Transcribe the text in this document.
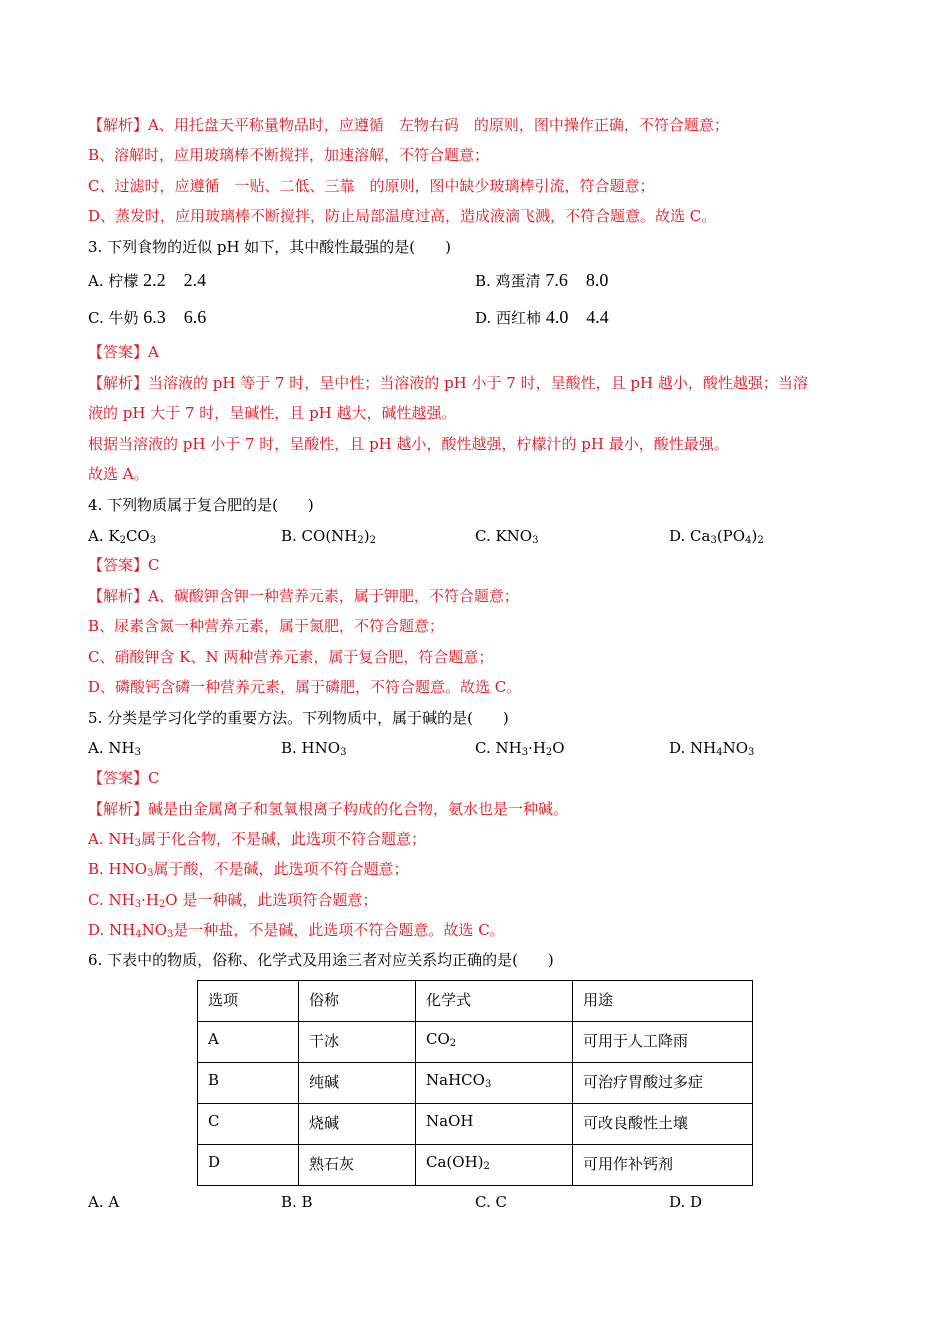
【解析】A、用托盘天平称量物品时，应遵循　左物右码　的原则，图中操作正确，不符合题意；
B、溶解时，应用玻璃棒不断搅拌，加速溶解，不符合题意；
C、过滤时，应遵循　一贴、二低、三靠　的原则，图中缺少玻璃棒引流，符合题意；
D、蒸发时，应用玻璃棒不断搅拌，防止局部温度过高，造成液滴飞溅，不符合题意。故选 C。
3. 下列食物的近似 pH 如下，其中酸性最强的是(　　)
A. 柠檬 2.2　2.4	B. 鸡蛋清 7.6　8.0
C. 牛奶 6.3　6.6	D. 西红柿 4.0　4.4
【答案】A
【解析】当溶液的 pH 等于 7 时，呈中性；当溶液的 pH 小于 7 时，呈酸性，且 pH 越小，酸性越强；当溶
液的 pH 大于 7 时，呈碱性，且 pH 越大，碱性越强。
根据当溶液的 pH 小于 7 时，呈酸性，且 pH 越小，酸性越强，柠檬汁的 pH 最小，酸性最强。
故选 A。
4. 下列物质属于复合肥的是(　　)
A. $K_2CO_3$	B. $CO(NH_2)_2$	C. $KNO_3$	D. $Ca_3(PO_4)_2$
【答案】C
【解析】A、碳酸钾含钾一种营养元素，属于钾肥，不符合题意；
B、尿素含氮一种营养元素，属于氮肥，不符合题意；
C、硝酸钾含 K、N 两种营养元素，属于复合肥，符合题意；
D、磷酸钙含磷一种营养元素，属于磷肥，不符合题意。故选 C。
5. 分类是学习化学的重要方法。下列物质中，属于碱的是(　　)
A. $NH_3$	B. $HNO_3$	C. $NH_3\cdot H_2O$	D. $NH_4NO_3$
【答案】C
【解析】碱是由金属离子和氢氧根离子构成的化合物，氨水也是一种碱。
A. $NH_3$属于化合物，不是碱，此选项不符合题意；
B. $HNO_3$属于酸，不是碱，此选项不符合题意；
C. $NH_3\cdot H_2O$ 是一种碱，此选项符合题意；
D. $NH_4NO_3$是一种盐，不是碱，此选项不符合题意。故选 C。
6. 下表中的物质，俗称、化学式及用途三者对应关系均正确的是(　　)
选项	俗称	化学式	用途
A	干冰	$CO_2$	可用于人工降雨
B	纯碱	NaHCO$_3$	可治疗胃酸过多症
C	烧碱	NaOH	可改良酸性土壤
D	熟石灰	$Ca(OH)_2$	可用作补钙剂
A. A	B. B	C. C	D. D
